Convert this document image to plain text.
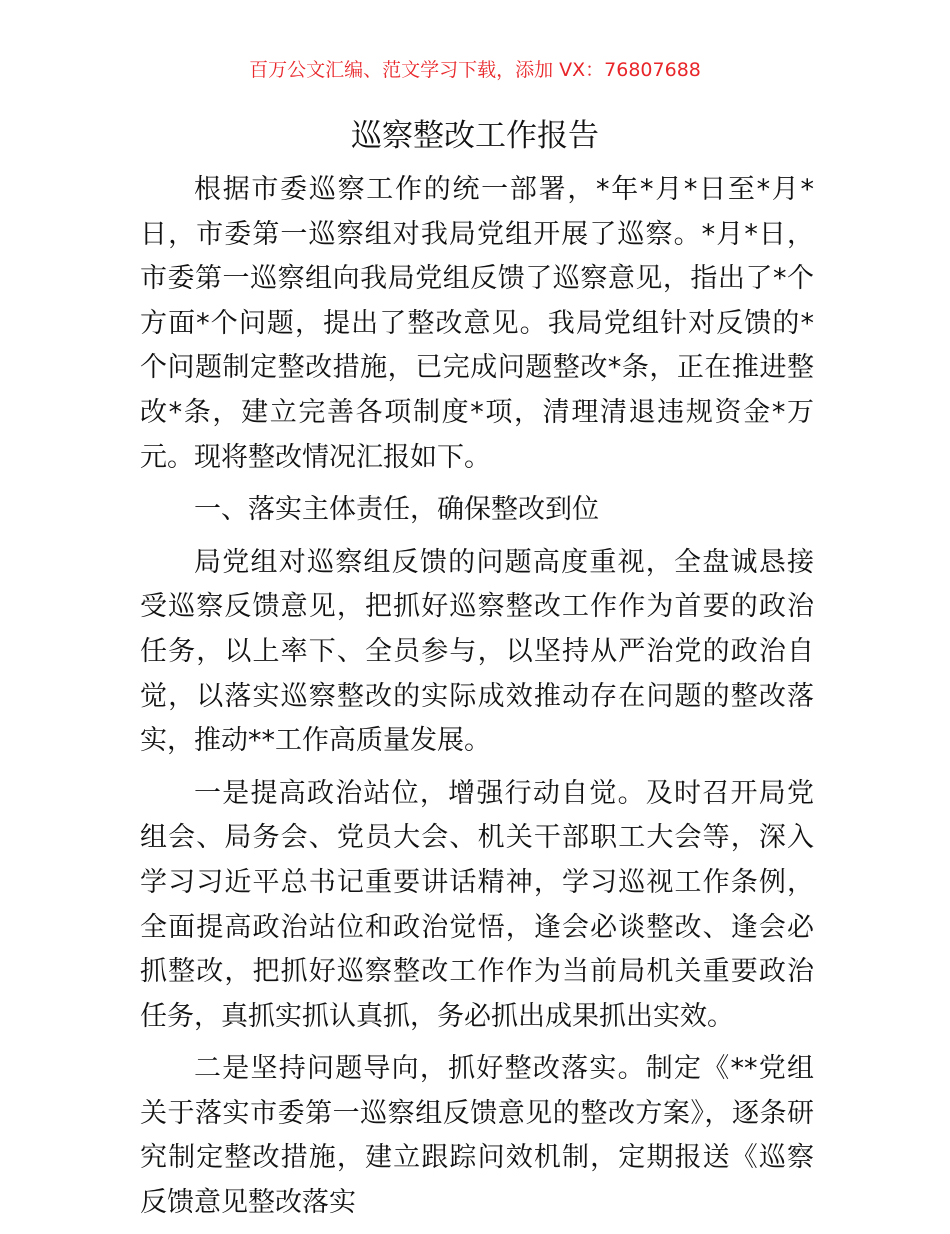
百万公文汇编、范文学习下载，添加 VX：76807688
巡察整改工作报告

根据市委巡察工作的统一部署，*年*月*日至*月*日，市委第一巡察组对我局党组开展了巡察。*月*日，市委第一巡察组向我局党组反馈了巡察意见，指出了*个方面*个问题，提出了整改意见。我局党组针对反馈的*个问题制定整改措施，已完成问题整改*条，正在推进整改*条，建立完善各项制度*项，清理清退违规资金*万元。现将整改情况汇报如下。

一、落实主体责任，确保整改到位

局党组对巡察组反馈的问题高度重视，全盘诚恳接受巡察反馈意见，把抓好巡察整改工作作为首要的政治任务，以上率下、全员参与，以坚持从严治党的政治自觉，以落实巡察整改的实际成效推动存在问题的整改落实，推动**工作高质量发展。

一是提高政治站位，增强行动自觉。及时召开局党组会、局务会、党员大会、机关干部职工大会等，深入学习习近平总书记重要讲话精神，学习巡视工作条例，全面提高政治站位和政治觉悟，逢会必谈整改、逢会必抓整改，把抓好巡察整改工作作为当前局机关重要政治任务，真抓实抓认真抓，务必抓出成果抓出实效。

二是坚持问题导向，抓好整改落实。制定《**党组关于落实市委第一巡察组反馈意见的整改方案》，逐条研究制定整改措施，建立跟踪问效机制，定期报送《巡察反馈意见整改落实
